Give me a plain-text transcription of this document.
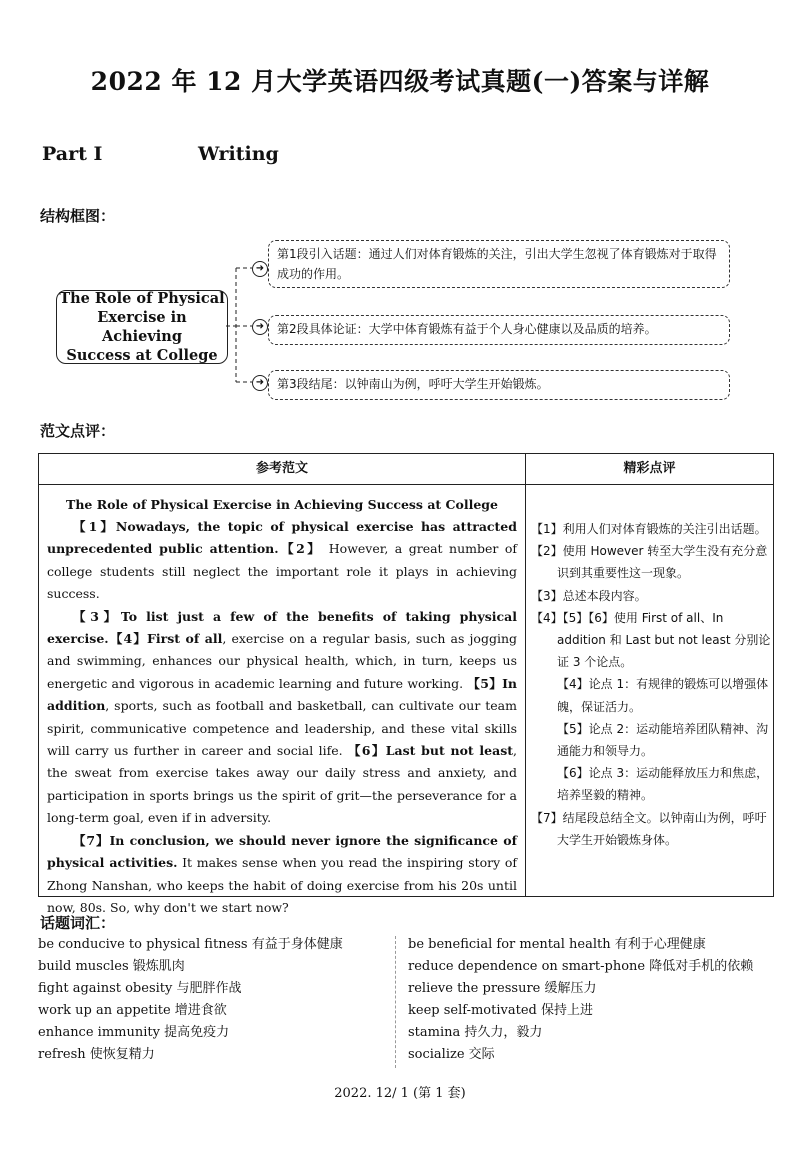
2022 年 12 月大学英语四级考试真题(一)答案与详解
Part Ⅰ	Writing
结构框图：
The Role of Physical
Exercise in Achieving
Success at College
➜
➜
➜
第1段引入话题：通过人们对体育锻炼的关注，引出大学生忽视了体育锻炼对于取得成功的作用。
第2段具体论证：大学中体育锻炼有益于个人身心健康以及品质的培养。
第3段结尾：以钟南山为例，呼吁大学生开始锻炼。
范文点评：
参考范文	精彩点评
The Role of Physical Exercise in Achieving Success at College

【1】Nowadays, the topic of physical exercise has attracted unprecedented public attention.【2】 However, a great number of college students still neglect the important role it plays in achieving success.

【3】To list just a few of the benefits of taking physical exercise.【4】First of all, exercise on a regular basis, such as jogging and swimming, enhances our physical health, which, in turn, keeps us energetic and vigorous in academic learning and future working. 【5】In addition, sports, such as football and basketball, can cultivate our team spirit, communicative competence and leadership, and these vital skills will carry us further in career and social life. 【6】Last but not least, the sweat from exercise takes away our daily stress and anxiety, and participation in sports brings us the spirit of grit—the perseverance for a long-term goal, even if in adversity.

【7】In conclusion, we should never ignore the significance of physical activities. It makes sense when you read the inspiring story of Zhong Nanshan, who keeps the habit of doing exercise from his 20s until now, 80s. So, why don't we start now?

【1】利用人们对体育锻炼的关注引出话题。
【2】使用 However 转至大学生没有充分意识到其重要性这一现象。
【3】总述本段内容。
【4】【5】【6】使用 First of all、In addition 和 Last but not least 分别论证 3 个论点。
【4】论点 1：有规律的锻炼可以增强体魄，保证活力。
【5】论点 2：运动能培养团队精神、沟通能力和领导力。
【6】论点 3：运动能释放压力和焦虑，培养坚毅的精神。
【7】结尾段总结全文。以钟南山为例，呼吁大学生开始锻炼身体。
话题词汇：
be conducive to physical fitness 有益于身体健康
build muscles 锻炼肌肉
fight against obesity 与肥胖作战
work up an appetite 增进食欲
enhance immunity 提高免疫力
refresh 使恢复精力
be beneficial for mental health 有利于心理健康
reduce dependence on smart-phone 降低对手机的依赖
relieve the pressure 缓解压力
keep self-motivated 保持上进
stamina 持久力，毅力
socialize 交际
2022. 12/ 1 (第 1 套)
